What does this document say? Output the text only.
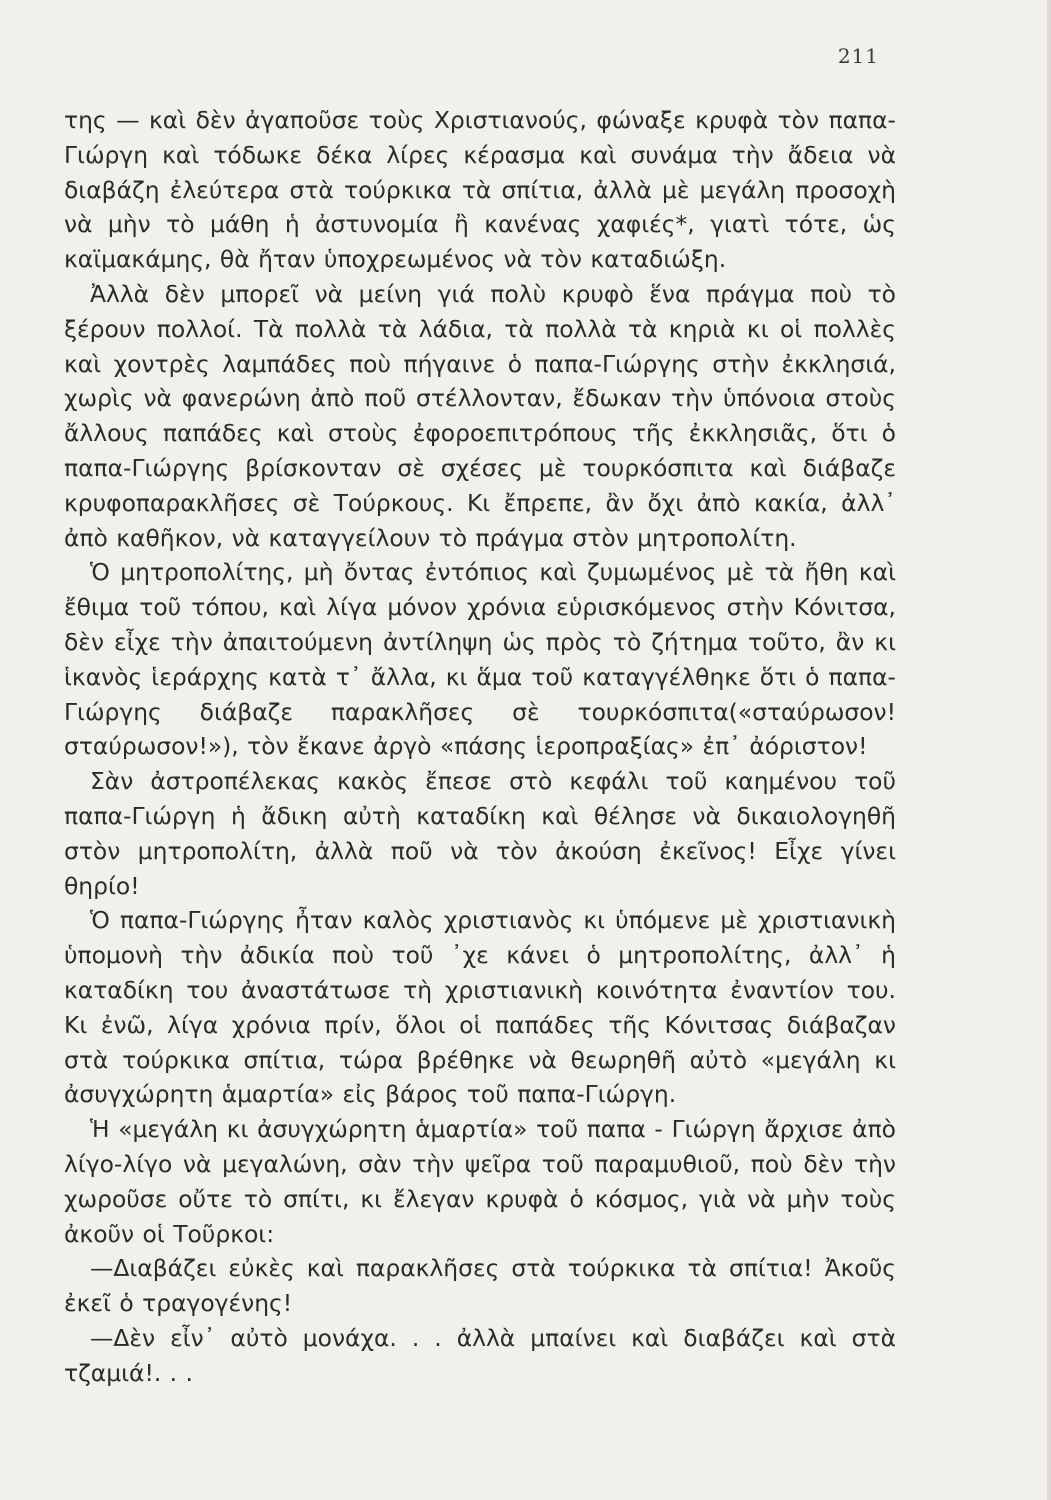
211

της — καὶ δὲν ἀγαποῦσε τοὺς Χριστιανούς, φώναξε κρυφὰ τὸν παπα-Γιώργη καὶ τόδωκε δέκα λίρες κέρασμα καὶ συνάμα τὴν ἄδεια νὰ διαβάζη ἐλεύτερα στὰ τούρκικα τὰ σπίτια, ἀλλὰ μὲ μεγάλη προσοχὴ νὰ μὴν τὸ μάθη ἡ ἀστυνομία ἢ κανένας χαφιές*, γιατὶ τότε, ὡς καϊμακάμης, θὰ ἤταν ὑποχρεωμένος νὰ τὸν καταδιώξη.

Ἀλλὰ δὲν μπορεῖ νὰ μείνη γιά πολὺ κρυφὸ ἕνα πράγμα ποὺ τὸ ξέρουν πολλοί. Τὰ πολλὰ τὰ λάδια, τὰ πολλὰ τὰ κηριὰ κι οἱ πολλὲς καὶ χοντρὲς λαμπάδες ποὺ πήγαινε ὁ παπα-Γιώργης στὴν ἐκκλησιά, χωρὶς νὰ φανερώνη ἀπὸ ποῦ στέλλονταν, ἔδωκαν τὴν ὑπόνοια στοὺς ἄλλους παπάδες καὶ στοὺς ἐφοροεπιτρόπους τῆς ἐκκλησιᾶς, ὅτι ὁ παπα-Γιώργης βρίσκονταν σὲ σχέσες μὲ τουρκόσπιτα καὶ διάβαζε κρυφοπαρακλῆσες σὲ Τούρκους. Κι ἔπρεπε, ἂν ὄχι ἀπὸ κακία, ἀλλ᾽ ἀπὸ καθῆκον, νὰ καταγγείλουν τὸ πράγμα στὸν μητροπολίτη.

Ὁ μητροπολίτης, μὴ ὄντας ἐντόπιος καὶ ζυμωμένος μὲ τὰ ἤθη καὶ ἔθιμα τοῦ τόπου, καὶ λίγα μόνον χρόνια εὑρισκόμενος στὴν Κόνιτσα, δὲν εἶχε τὴν ἀπαιτούμενη ἀντίληψη ὡς πρὸς τὸ ζήτημα τοῦτο, ἂν κι ἱκανὸς ἱεράρχης κατὰ τ᾽ ἄλλα, κι ἅμα τοῦ καταγγέλθηκε ὅτι ὁ παπα-Γιώργης διάβαζε παρακλῆσες σὲ τουρκόσπιτα(«σταύρωσον! σταύρωσον!»), τὸν ἔκανε ἀργὸ «πάσης ἱεροπραξίας» ἐπ᾽ ἀόριστον!

Σὰν ἀστροπέλεκας κακὸς ἔπεσε στὸ κεφάλι τοῦ καημένου τοῦ παπα-Γιώργη ἡ ἄδικη αὐτὴ καταδίκη καὶ θέλησε νὰ δικαιολογηθῆ στὸν μητροπολίτη, ἀλλὰ ποῦ νὰ τὸν ἀκούση ἐκεῖνος! Εἶχε γίνει θηρίο!

Ὁ παπα-Γιώργης ἦταν καλὸς χριστιανὸς κι ὑπόμενε μὲ χριστιανικὴ ὑπομονὴ τὴν ἀδικία ποὺ τοῦ ᾽χε κάνει ὁ μητροπολίτης, ἀλλ᾽ ἡ καταδίκη του ἀναστάτωσε τὴ χριστιανικὴ κοινότητα ἐναντίον του. Κι ἐνῶ, λίγα χρόνια πρίν, ὅλοι οἱ παπάδες τῆς Κόνιτσας διάβαζαν στὰ τούρκικα σπίτια, τώρα βρέθηκε νὰ θεωρηθῆ αὐτὸ «μεγάλη κι ἀσυγχώρητη ἁμαρτία» εἰς βάρος τοῦ παπα-Γιώργη.

Ἡ «μεγάλη κι ἀσυγχώρητη ἁμαρτία» τοῦ παπα - Γιώργη ἄρχισε ἀπὸ λίγο-λίγο νὰ μεγαλώνη, σὰν τὴν ψεῖρα τοῦ παραμυθιοῦ, ποὺ δὲν τὴν χωροῦσε οὔτε τὸ σπίτι, κι ἔλεγαν κρυφὰ ὁ κόσμος, γιὰ νὰ μὴν τοὺς ἀκοῦν οἱ Τοῦρκοι:

—Διαβάζει εὐκὲς καὶ παρακλῆσες στὰ τούρκικα τὰ σπίτια! Ἀκοῦς ἐκεῖ ὁ τραγογένης!

—Δὲν εἶν᾽ αὐτὸ μονάχα. . . ἀλλὰ μπαίνει καὶ διαβάζει καὶ στὰ τζαμιά!. . .
